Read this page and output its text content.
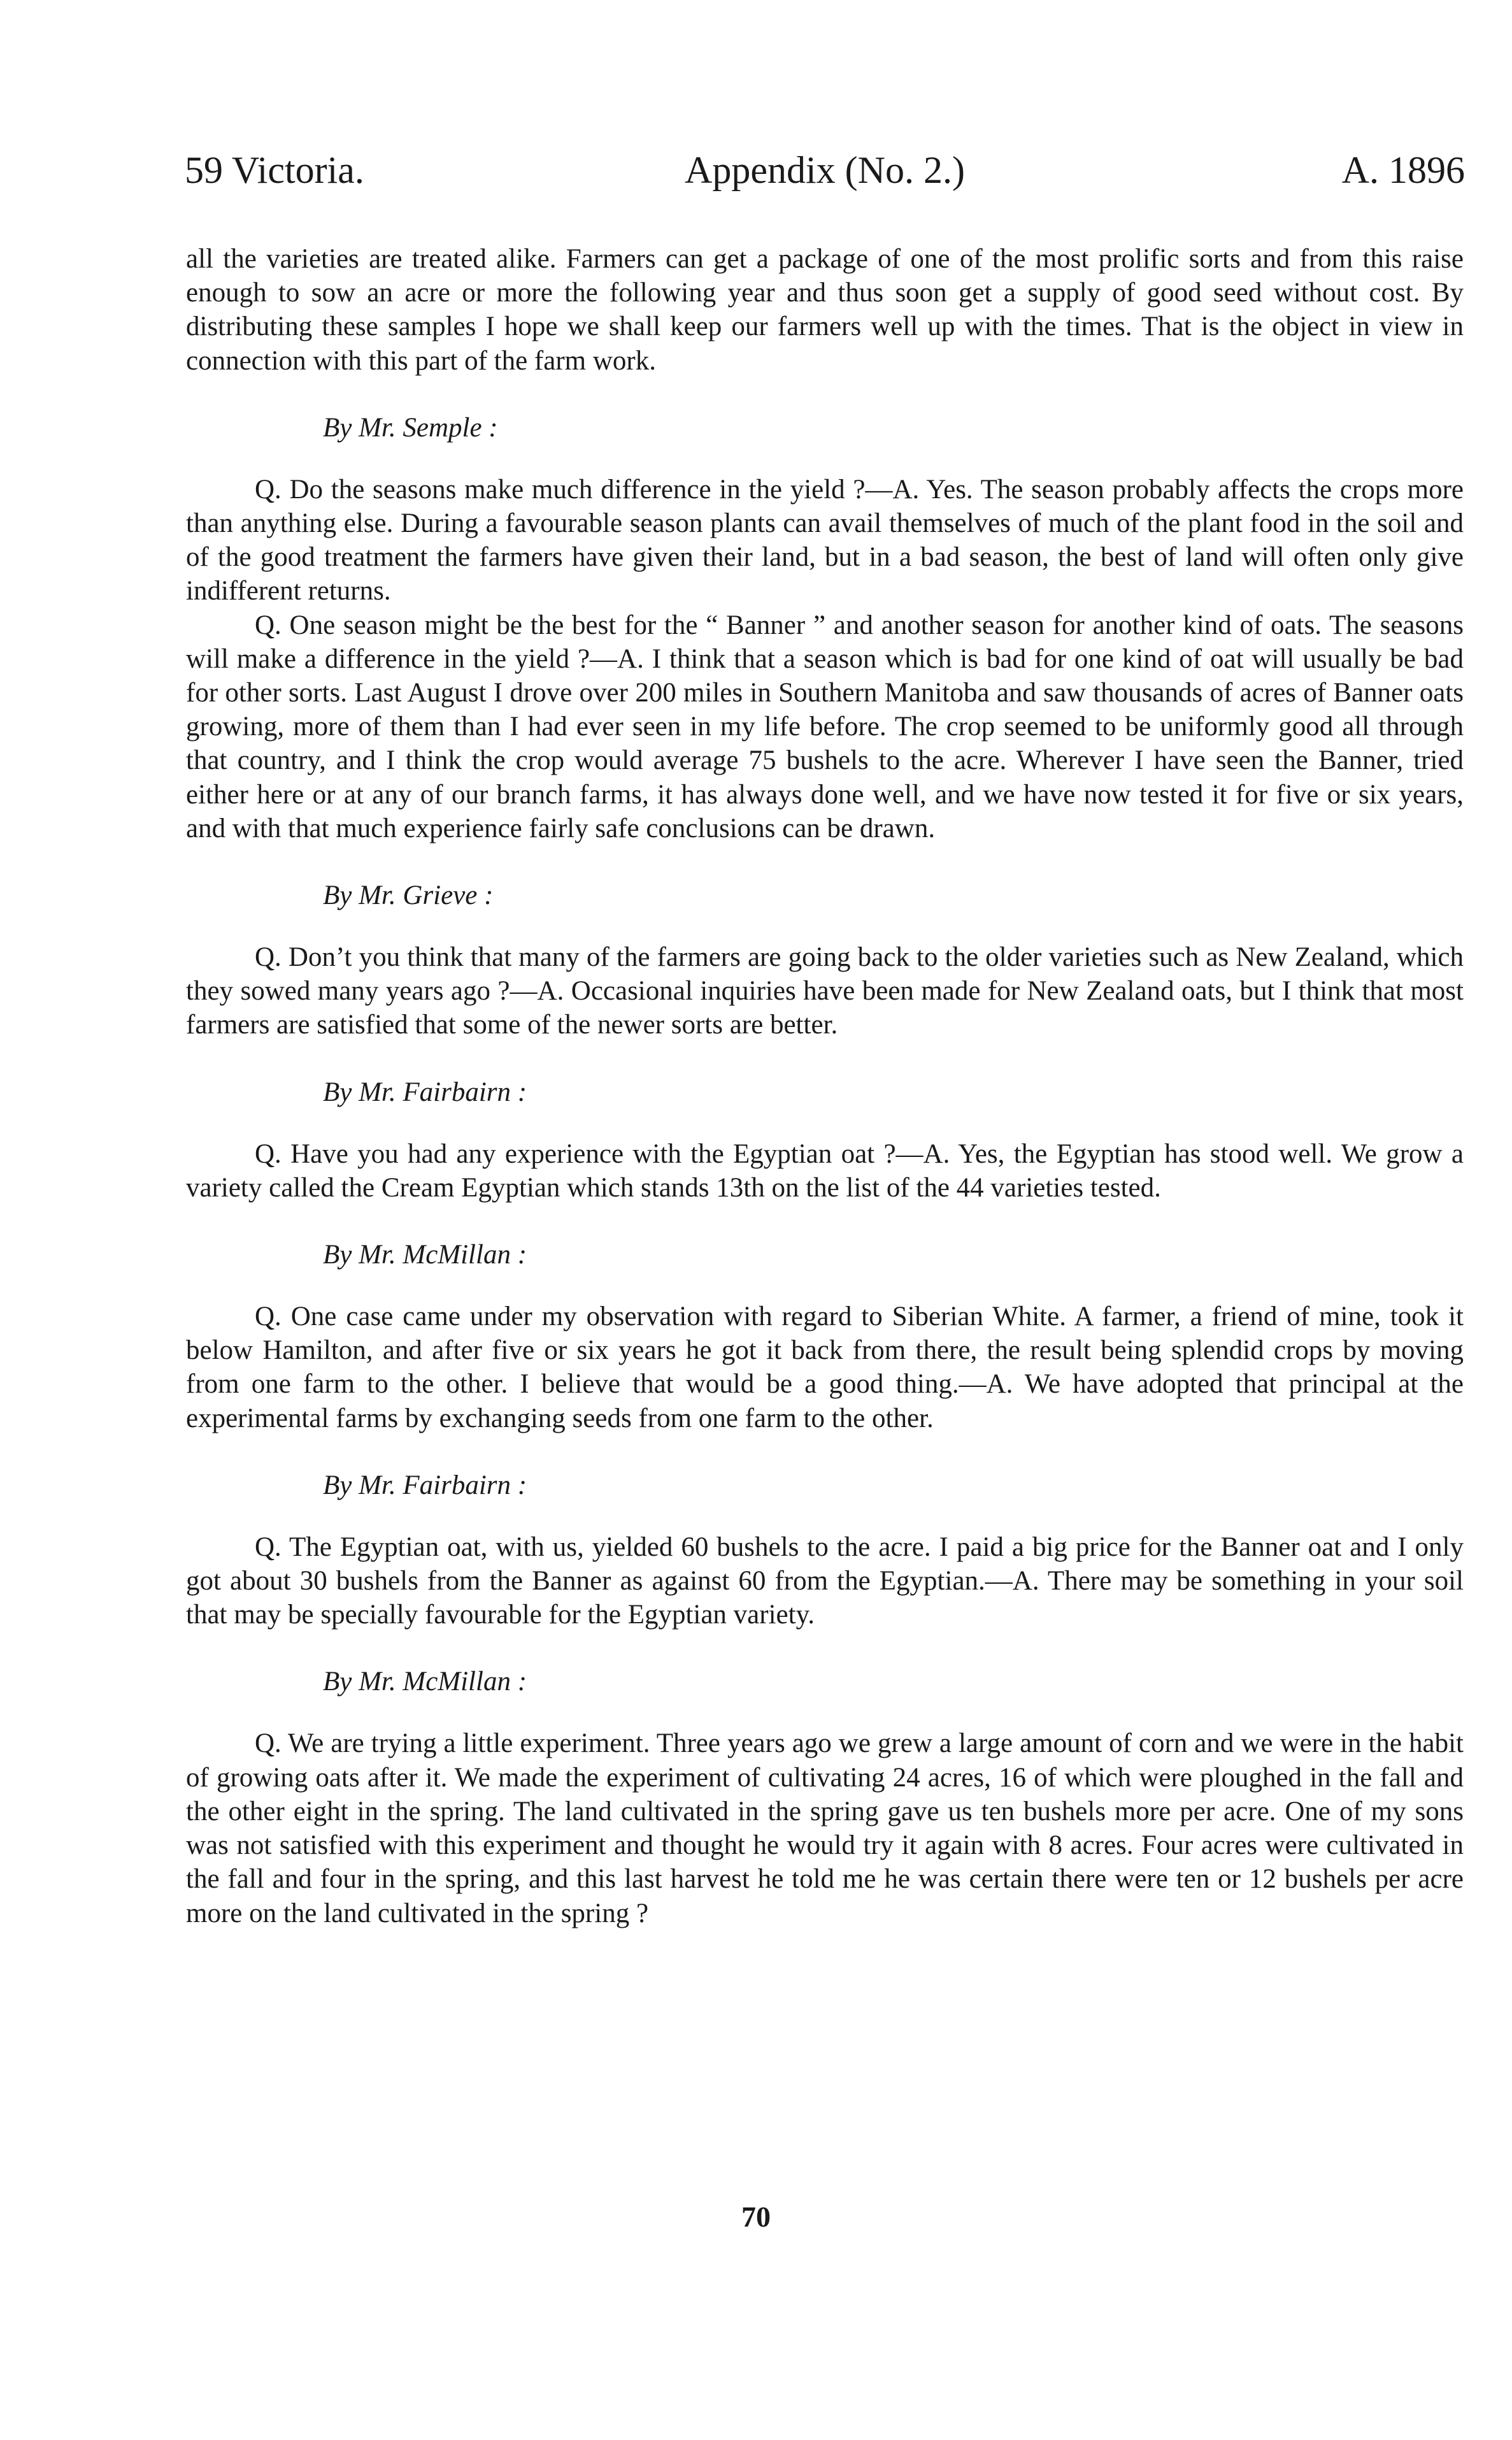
59 Victoria.	Appendix (No. 2.)	A. 1896

all the varieties are treated alike. Farmers can get a package of one of the most prolific sorts and from this raise enough to sow an acre or more the following year and thus soon get a supply of good seed without cost. By distributing these samples I hope we shall keep our farmers well up with the times. That is the object in view in connection with this part of the farm work.

By Mr. Semple :

Q. Do the seasons make much difference in the yield ?—A. Yes. The season probably affects the crops more than anything else. During a favourable season plants can avail themselves of much of the plant food in the soil and of the good treatment the farmers have given their land, but in a bad season, the best of land will often only give indifferent returns.

Q. One season might be the best for the “ Banner ” and another season for another kind of oats. The seasons will make a difference in the yield ?—A. I think that a season which is bad for one kind of oat will usually be bad for other sorts. Last August I drove over 200 miles in Southern Manitoba and saw thousands of acres of Banner oats growing, more of them than I had ever seen in my life before. The crop seemed to be uniformly good all through that country, and I think the crop would average 75 bushels to the acre. Wherever I have seen the Banner, tried either here or at any of our branch farms, it has always done well, and we have now tested it for five or six years, and with that much experience fairly safe conclusions can be drawn.

By Mr. Grieve :

Q. Don’t you think that many of the farmers are going back to the older varieties such as New Zealand, which they sowed many years ago ?—A. Occasional inquiries have been made for New Zealand oats, but I think that most farmers are satisfied that some of the newer sorts are better.

By Mr. Fairbairn :

Q. Have you had any experience with the Egyptian oat ?—A. Yes, the Egyptian has stood well. We grow a variety called the Cream Egyptian which stands 13th on the list of the 44 varieties tested.

By Mr. McMillan :

Q. One case came under my observation with regard to Siberian White. A farmer, a friend of mine, took it below Hamilton, and after five or six years he got it back from there, the result being splendid crops by moving from one farm to the other. I believe that would be a good thing.—A. We have adopted that principal at the experimental farms by exchanging seeds from one farm to the other.

By Mr. Fairbairn :

Q. The Egyptian oat, with us, yielded 60 bushels to the acre. I paid a big price for the Banner oat and I only got about 30 bushels from the Banner as against 60 from the Egyptian.—A. There may be something in your soil that may be specially favourable for the Egyptian variety.

By Mr. McMillan :

Q. We are trying a little experiment. Three years ago we grew a large amount of corn and we were in the habit of growing oats after it. We made the experiment of cultivating 24 acres, 16 of which were ploughed in the fall and the other eight in the spring. The land cultivated in the spring gave us ten bushels more per acre. One of my sons was not satisfied with this experiment and thought he would try it again with 8 acres. Four acres were cultivated in the fall and four in the spring, and this last harvest he told me he was certain there were ten or 12 bushels per acre more on the land cultivated in the spring ?

70
